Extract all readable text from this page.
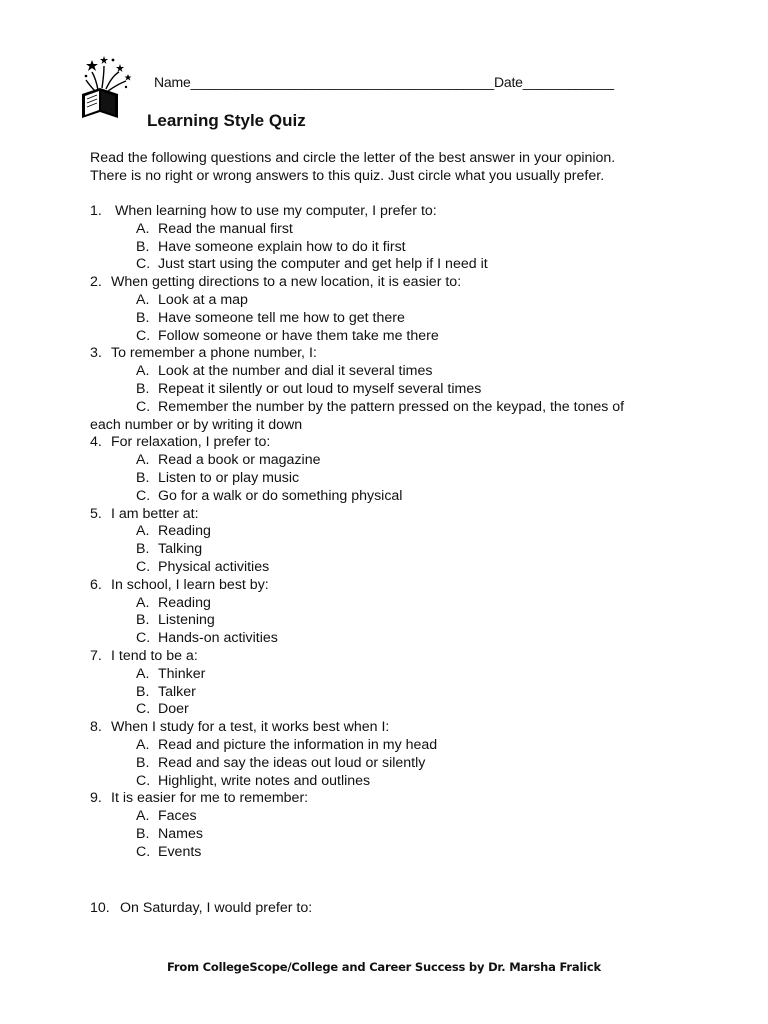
Name________________________________________Date____________
Learning Style Quiz

Read the following questions and circle the letter of the best answer in your opinion.

There is no right or wrong answers to this quiz. Just circle what you usually prefer.

1. When learning how to use my computer, I prefer to:
A. Read the manual first
B. Have someone explain how to do it first
C. Just start using the computer and get help if I need it
2. When getting directions to a new location, it is easier to:
A. Look at a map
B. Have someone tell me how to get there
C. Follow someone or have them take me there
3. To remember a phone number, I:
A. Look at the number and dial it several times
B. Repeat it silently or out loud to myself several times
C. Remember the number by the pattern pressed on the keypad, the tones of
each number or by writing it down
4. For relaxation, I prefer to:
A. Read a book or magazine
B. Listen to or play music
C. Go for a walk or do something physical
5. I am better at:
A. Reading
B. Talking
C. Physical activities
6. In school, I learn best by:
A. Reading
B. Listening
C. Hands-on activities
7. I tend to be a:
A. Thinker
B. Talker
C. Doer
8. When I study for a test, it works best when I:
A. Read and picture the information in my head
B. Read and say the ideas out loud or silently
C. Highlight, write notes and outlines
9. It is easier for me to remember:
A. Faces
B. Names
C. Events
10. On Saturday, I would prefer to:
From CollegeScope/College and Career Success by Dr. Marsha Fralick
